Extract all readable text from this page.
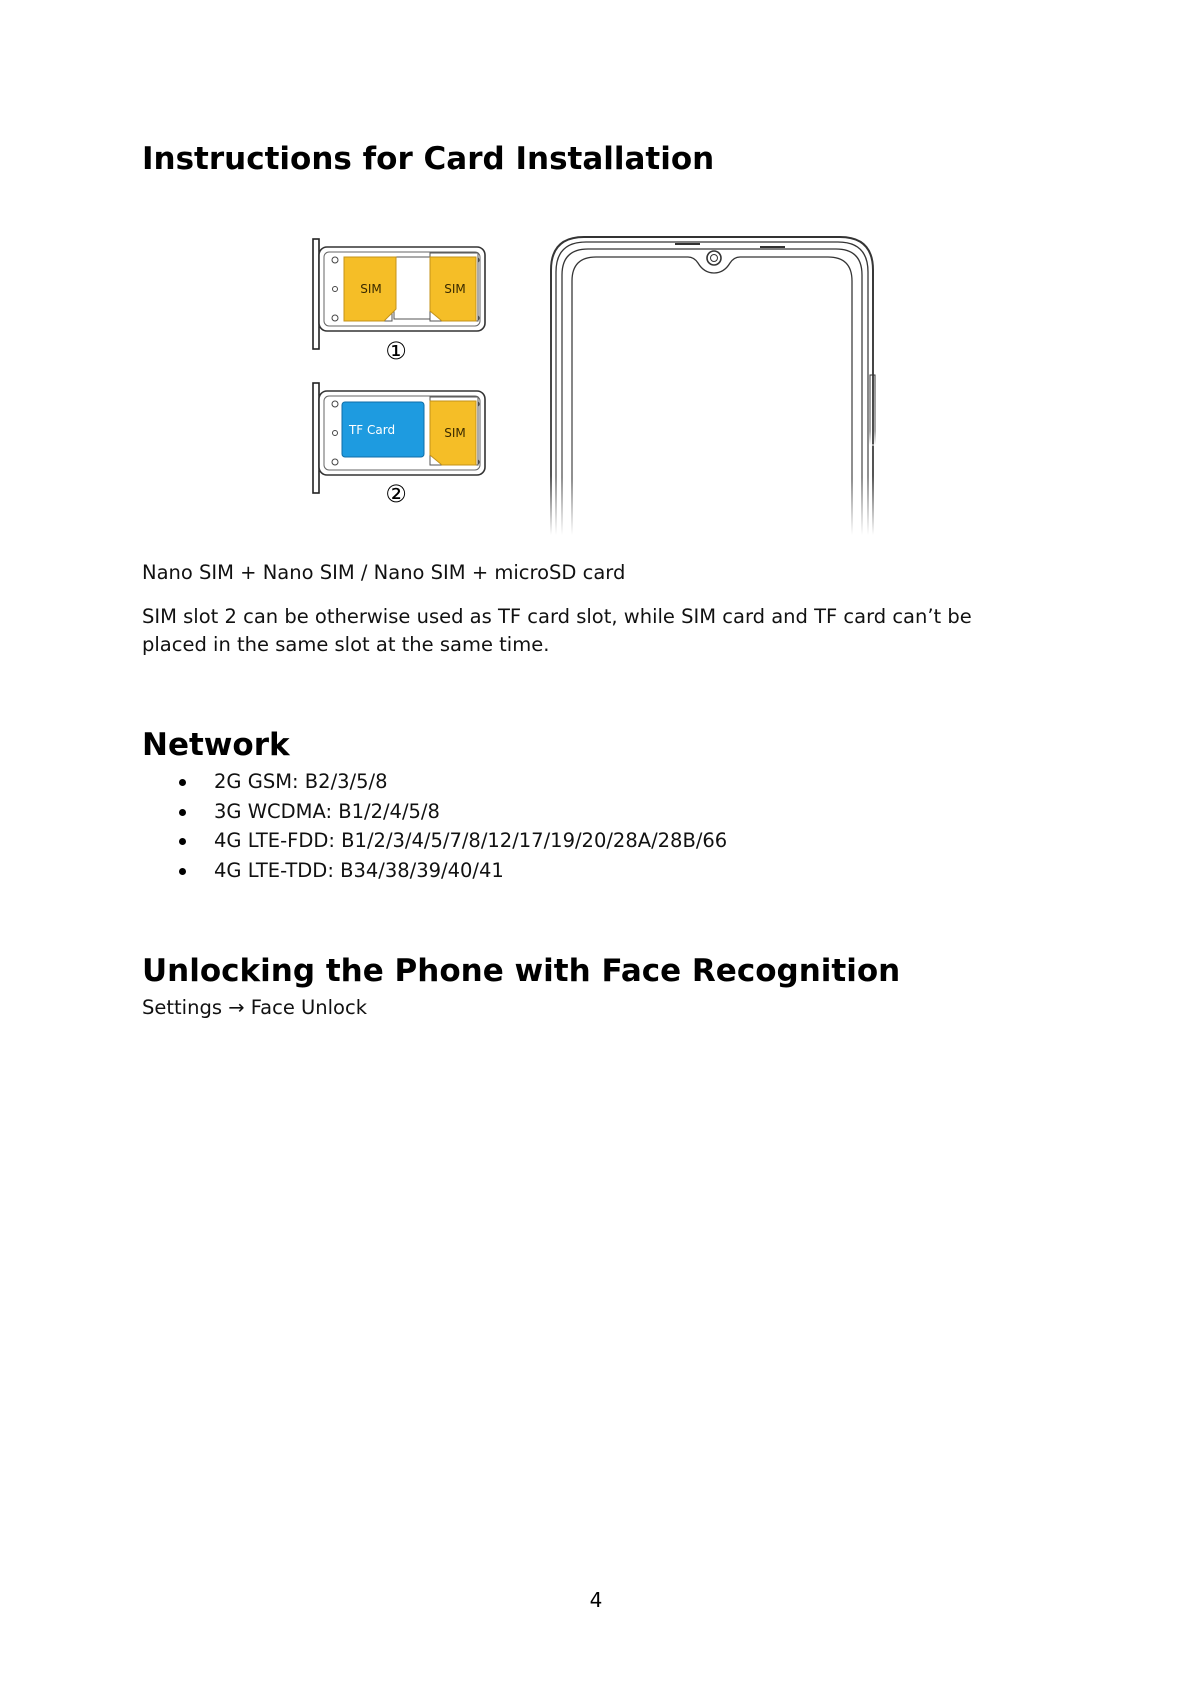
Instructions for Card Installation
SIM	SIM
①
TF Card	SIM
②

Nano SIM + Nano SIM / Nano SIM + microSD card

SIM slot 2 can be otherwise used as TF card slot, while SIM card and TF card can’t be

placed in the same slot at the same time.

Network
2G GSM: B2/3/5/8
3G WCDMA: B1/2/4/5/8
4G LTE-FDD: B1/2/3/4/5/7/8/12/17/19/20/28A/28B/66
4G LTE-TDD: B34/38/39/40/41
Unlocking the Phone with Face Recognition

Settings → Face Unlock

4
